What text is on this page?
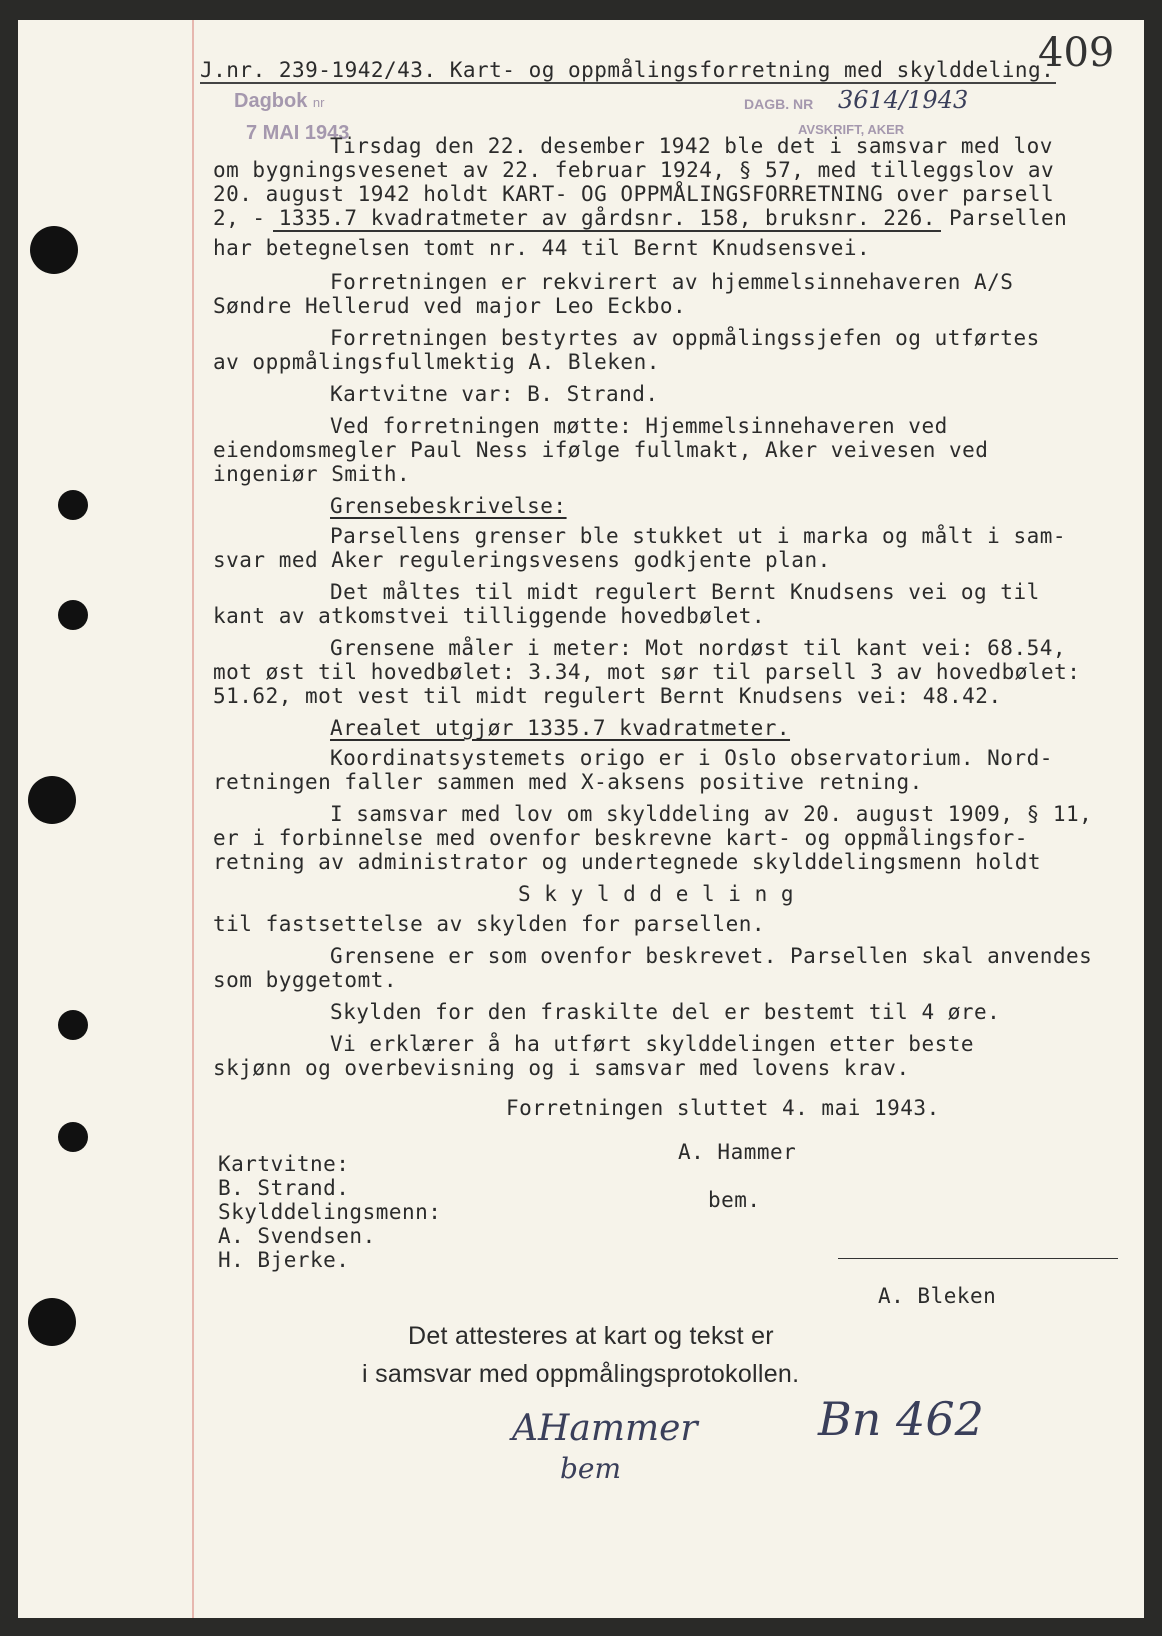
409
J.nr. 239-1942/43. Kart- og oppmålingsforretning med skylddeling.
Dagbok nr
7 MAI 1943
DAGB. NR 3614/1943
AVSKRIFT, AKER
Tirsdag den 22. desember 1942 ble det i samsvar med lov
om bygningsvesenet av 22. februar 1924, § 57, med tilleggslov av
20. august 1942 holdt KART- OG OPPMÅLINGSFORRETNING over parsell
2, - 1335.7 kvadratmeter av gårdsnr. 158, bruksnr. 226. Parsellen
har betegnelsen tomt nr. 44 til Bernt Knudsensvei.
Forretningen er rekvirert av hjemmelsinnehaveren A/S
Søndre Hellerud ved major Leo Eckbo.
Forretningen bestyrtes av oppmålingssjefen og utførtes
av oppmålingsfullmektig A. Bleken.
Kartvitne var: B. Strand.
Ved forretningen møtte: Hjemmelsinnehaveren ved
eiendomsmegler Paul Ness ifølge fullmakt, Aker veivesen ved
ingeniør Smith.
Grensebeskrivelse:
Parsellens grenser ble stukket ut i marka og målt i sam-
svar med Aker reguleringsvesens godkjente plan.
Det måltes til midt regulert Bernt Knudsens vei og til
kant av atkomstvei tilliggende hovedbølet.
Grensene måler i meter: Mot nordøst til kant vei: 68.54,
mot øst til hovedbølet: 3.34, mot sør til parsell 3 av hovedbølet:
51.62, mot vest til midt regulert Bernt Knudsens vei: 48.42.
Arealet utgjør 1335.7 kvadratmeter.
Koordinatsystemets origo er i Oslo observatorium. Nord-
retningen faller sammen med X-aksens positive retning.
I samsvar med lov om skylddeling av 20. august 1909, § 11,
er i forbinnelse med ovenfor beskrevne kart- og oppmålingsfor-
retning av administrator og undertegnede skylddelingsmenn holdt
S k y l d d e l i n g
til fastsettelse av skylden for parsellen.
Grensene er som ovenfor beskrevet. Parsellen skal anvendes
som byggetomt.
Skylden for den fraskilte del er bestemt til 4 øre.
Vi erklærer å ha utført skylddelingen etter beste
skjønn og overbevisning og i samsvar med lovens krav.
Forretningen sluttet 4. mai 1943.
A. Hammer
Kartvitne:
B. Strand.	bem.
Skylddelingsmenn:
A. Svendsen.
H. Bjerke.
A. Bleken
Det attesteres at kart og tekst er
i samsvar med oppmålingsprotokollen.
AHammer
bem
Bn 462
